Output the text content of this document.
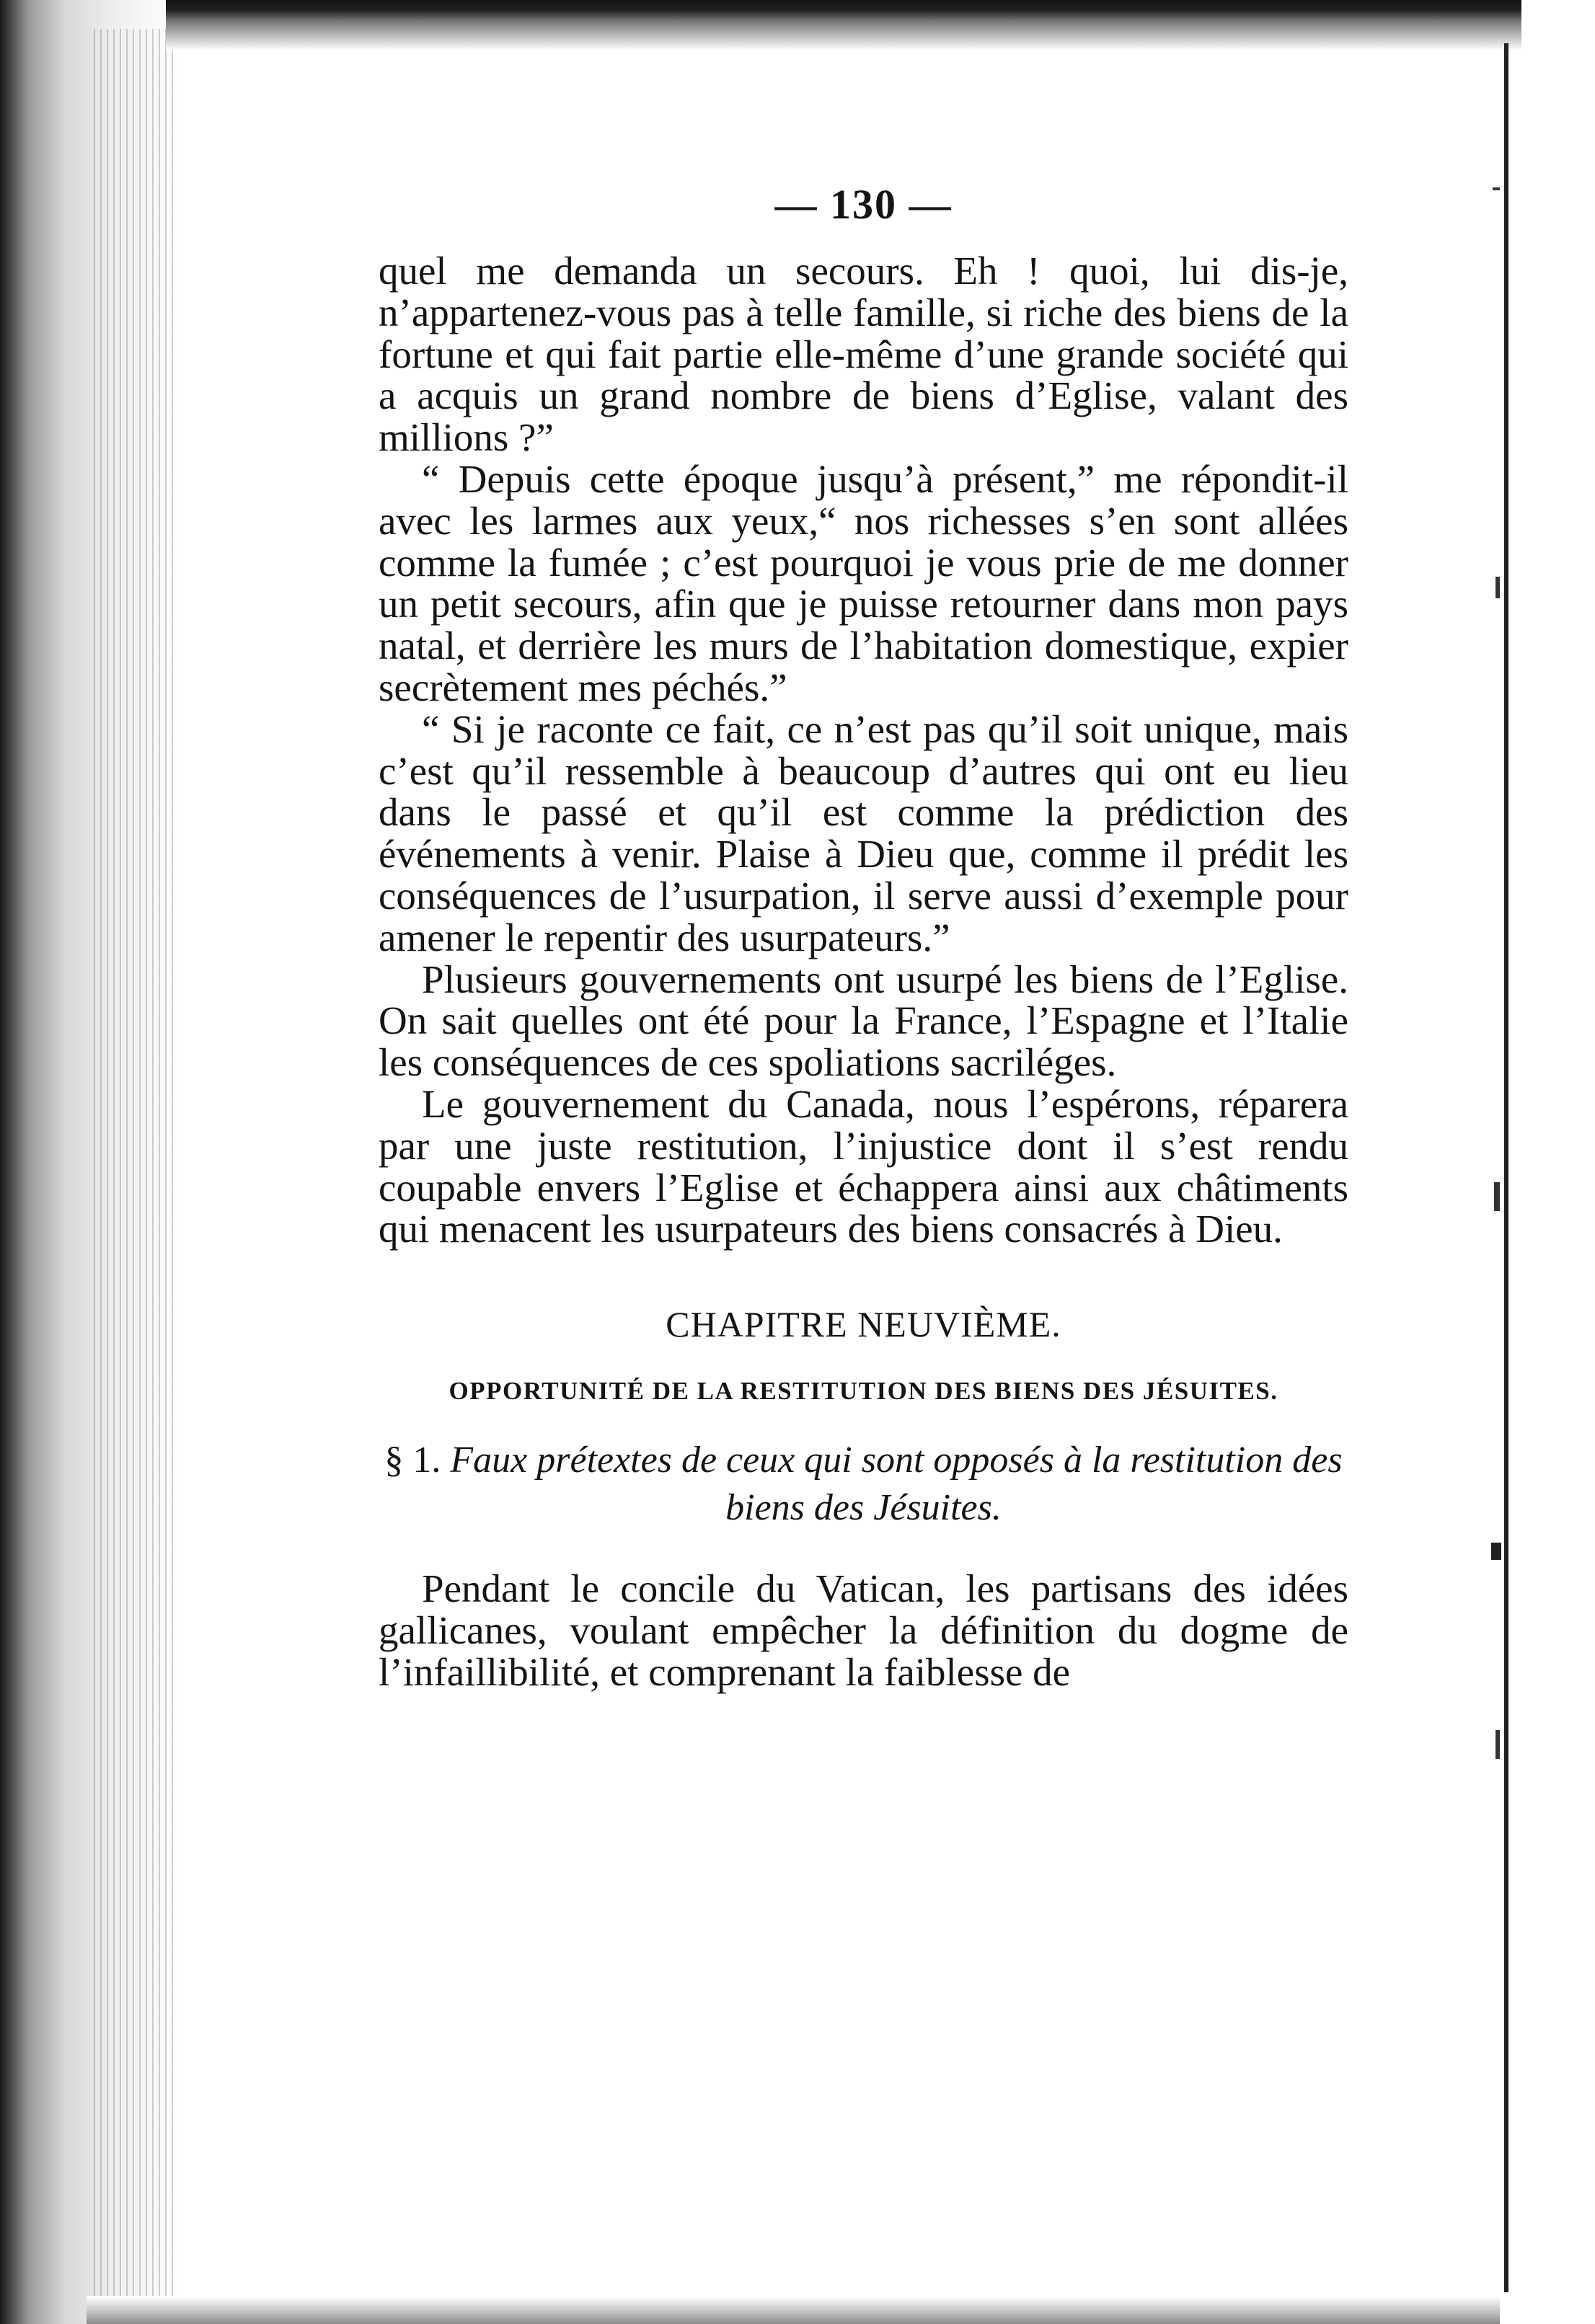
— 130 —

quel me demanda un secours. Eh ! quoi, lui dis-je, n’appartenez-vous pas à telle famille, si riche des biens de la fortune et qui fait partie elle-même d’une grande société qui a acquis un grand nombre de biens d’Eglise, valant des millions ?”

“ Depuis cette époque jusqu’à présent,” me répondit-il avec les larmes aux yeux,“ nos richesses s’en sont allées comme la fumée ; c’est pourquoi je vous prie de me donner un petit secours, afin que je puisse retourner dans mon pays natal, et derrière les murs de l’habitation domestique, expier secrètement mes péchés.”

“ Si je raconte ce fait, ce n’est pas qu’il soit unique, mais c’est qu’il ressemble à beaucoup d’autres qui ont eu lieu dans le passé et qu’il est comme la prédiction des événements à venir. Plaise à Dieu que, comme il prédit les conséquences de l’usurpation, il serve aussi d’exemple pour amener le repentir des usurpateurs.”

Plusieurs gouvernements ont usurpé les biens de l’Eglise. On sait quelles ont été pour la France, l’Espagne et l’Italie les conséquences de ces spoliations sacriléges.

Le gouvernement du Canada, nous l’espérons, réparera par une juste restitution, l’injustice dont il s’est rendu coupable envers l’Eglise et échappera ainsi aux châtiments qui menacent les usurpateurs des biens consacrés à Dieu.

CHAPITRE NEUVIÈME.
OPPORTUNITÉ DE LA RESTITUTION DES BIENS DES JÉSUITES.
§ 1. Faux prétextes de ceux qui sont opposés à la restitution des biens des Jésuites.

Pendant le concile du Vatican, les partisans des idées gallicanes, voulant empêcher la définition du dogme de l’infaillibilité, et comprenant la faiblesse de
